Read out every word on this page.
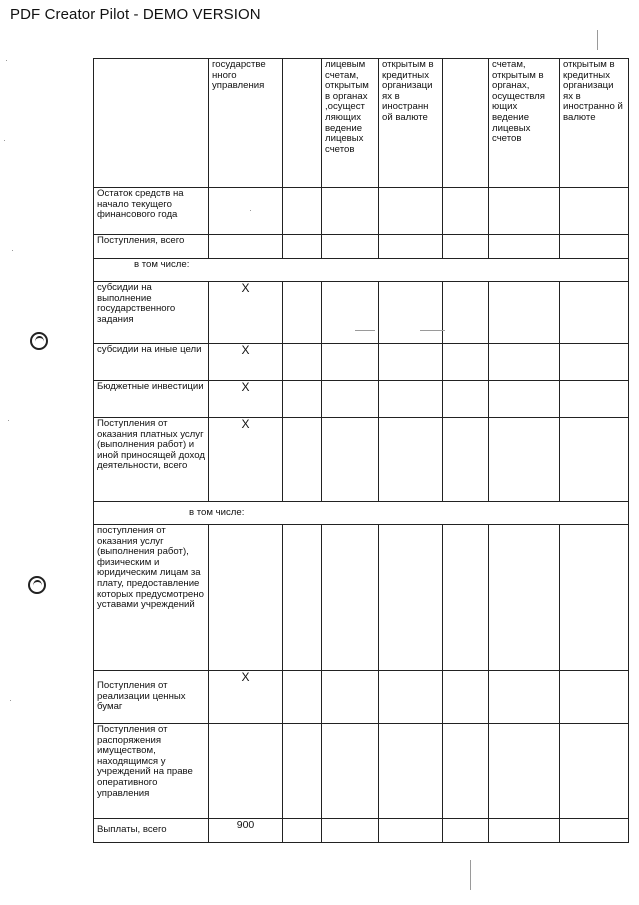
PDF Creator Pilot - DEMO VERSION
	государстве нного управления		лицевым счетам, открытым в органах ,осущест ляющих ведение лицевых счетов	открытым в кредитных организаци ях в иностранн ой валюте		счетам, открытым в органах, осуществля ющих ведение лицевых счетов	открытым в кредитных организаци ях в иностранно й валюте
Остаток средств на начало текущего финансового года							
Поступления, всего							
в том числе:							
субсидии на выполнение государственного задания	X						
субсидии на иные цели	X						
Бюджетные инвестиции	X						
Поступления от оказания платных услуг (выполнения работ) и иной приносящей доход деятельности, всего	X						
в том числе:							
поступления от оказания услуг (выполнения работ), физическим и юридическим лицам за плату, предоставление которых предусмотрено уставами учреждений							
Поступления от реализации ценных бумаг	X						
Поступления от распоряжения имуществом, находящимся у учреждений на праве оперативного управления							
Выплаты, всего	900						
